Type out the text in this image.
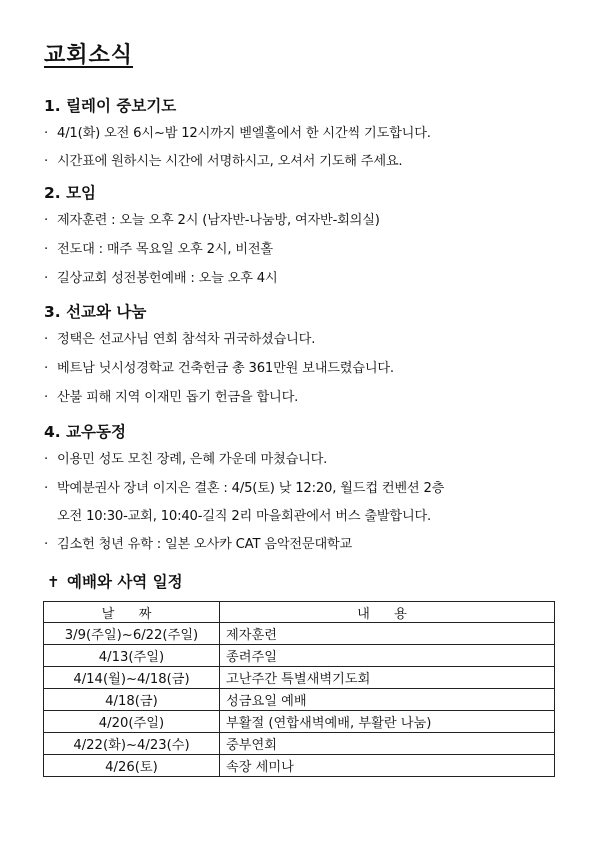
교회소식
1. 릴레이 중보기도
· 4/1(화) 오전 6시~밤 12시까지 벧엘홀에서 한 시간씩 기도합니다.
· 시간표에 원하시는 시간에 서명하시고, 오셔서 기도해 주세요.
2. 모임
· 제자훈련 : 오늘 오후 2시 (남자반-나눔방, 여자반-회의실)
· 전도대 : 매주 목요일 오후 2시, 비전홀
· 길상교회 성전봉헌예배 : 오늘 오후 4시
3. 선교와 나눔
· 정택은 선교사님 연회 참석차 귀국하셨습니다.
· 베트남 닛시성경학교 건축헌금 총 361만원 보내드렸습니다.
· 산불 피해 지역 이재민 돕기 헌금을 합니다.
4. 교우동정
· 이용민 성도 모친 장례, 은혜 가운데 마쳤습니다.
· 박예분권사 장녀 이지은 결혼 : 4/5(토) 낮 12:20, 월드컵 컨벤션 2층
오전 10:30-교회, 10:40-길직 2리 마을회관에서 버스 출발합니다.
· 김소헌 청년 유학 : 일본 오사카 CAT 음악전문대학교
✝ 예배와 사역 일정
날 짜	내 용
3/9(주일)~6/22(주일)	제자훈련
4/13(주일)	종려주일
4/14(월)~4/18(금)	고난주간 특별새벽기도회
4/18(금)	성금요일 예배
4/20(주일)	부활절 (연합새벽예배, 부활란 나눔)
4/22(화)~4/23(수)	중부연회
4/26(토)	속장 세미나
